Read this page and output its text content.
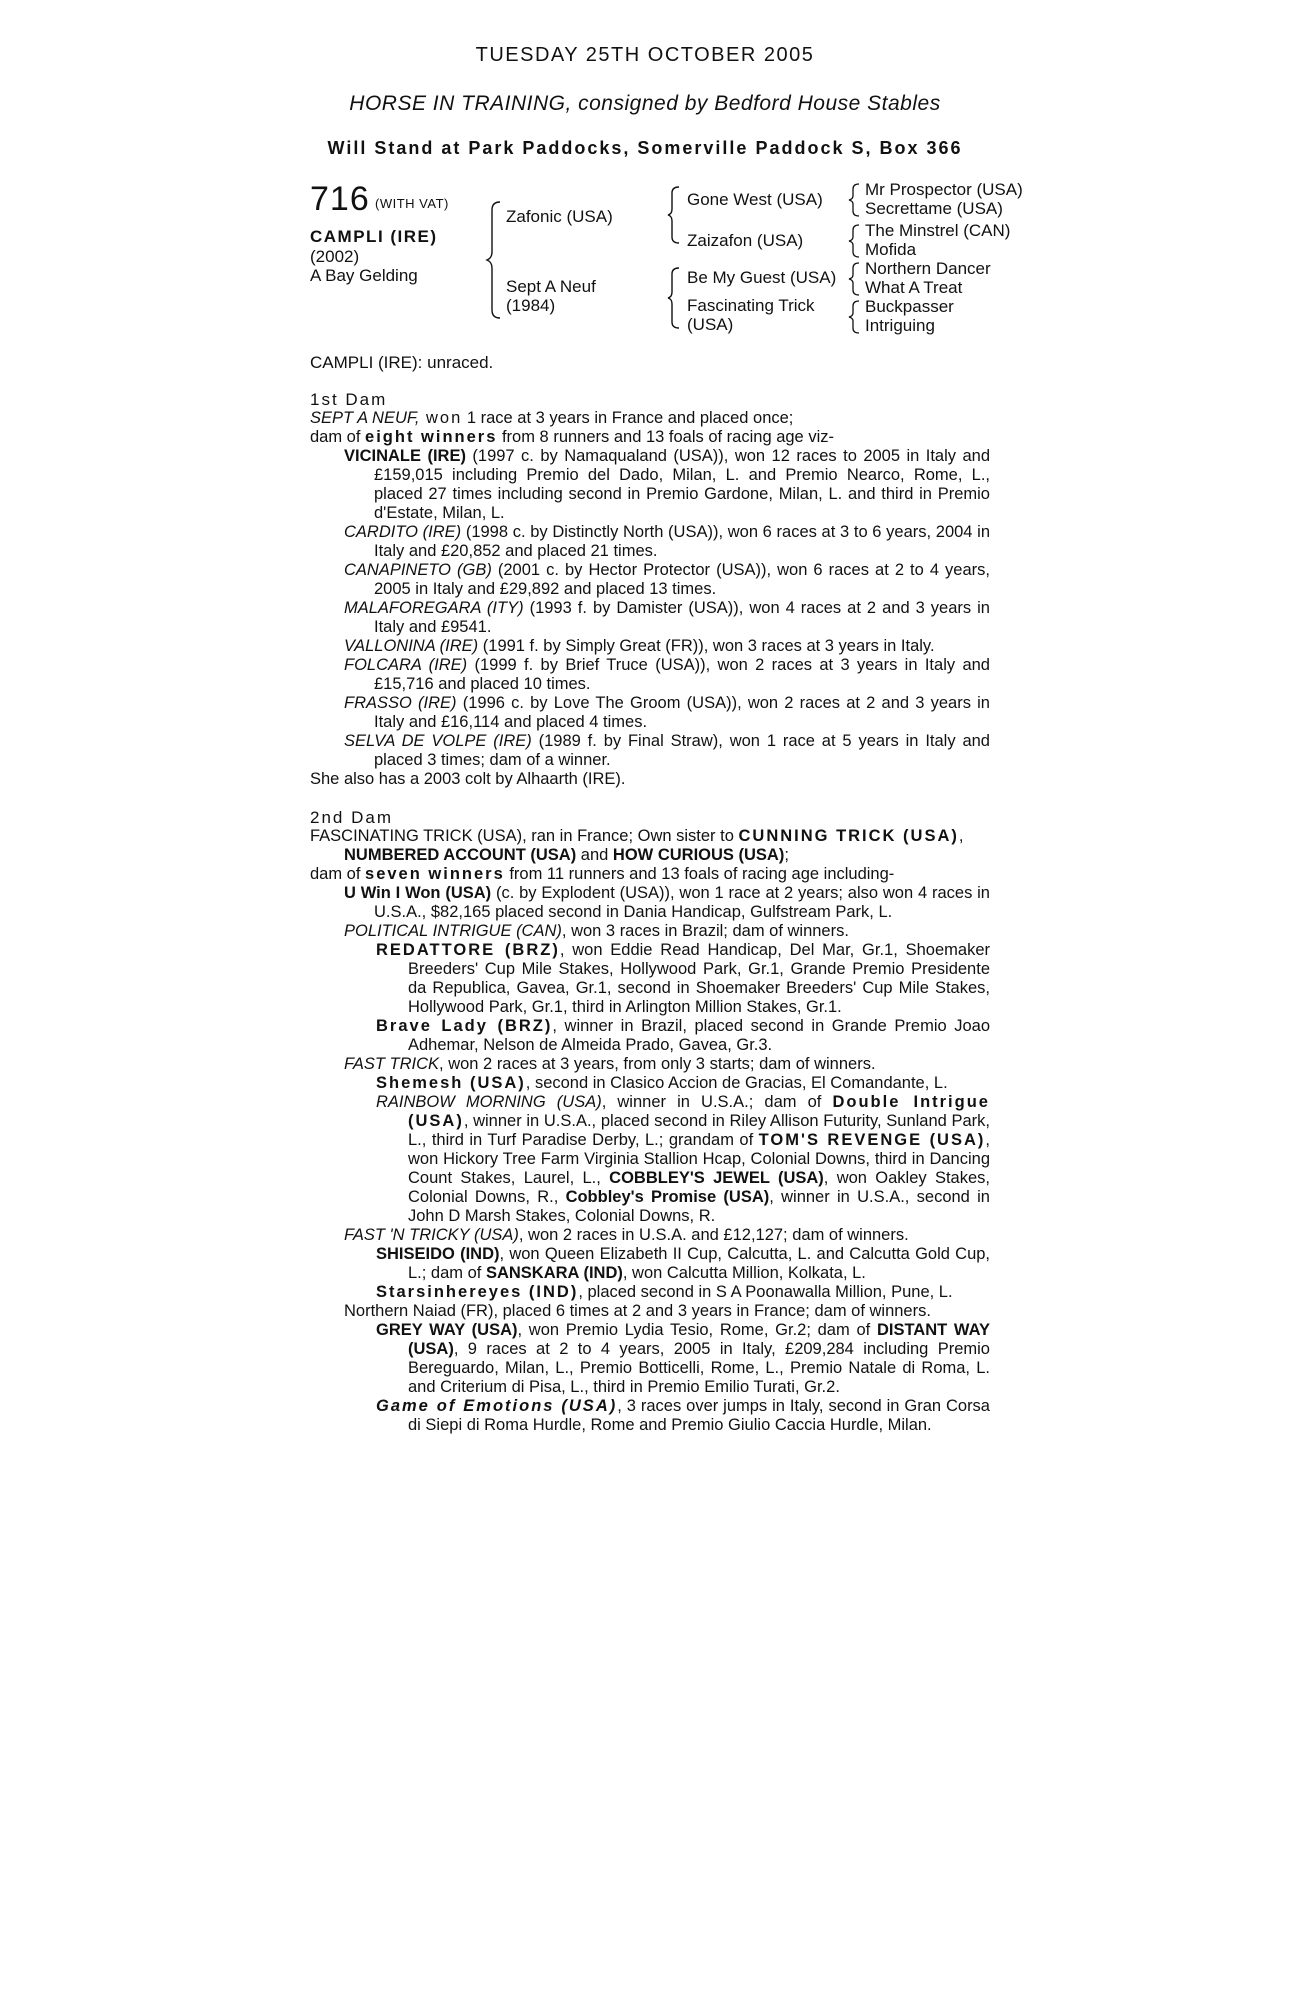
TUESDAY 25TH OCTOBER 2005
HORSE IN TRAINING, consigned by Bedford House Stables
Will Stand at Park Paddocks, Somerville Paddock S, Box 366
716 (WITH VAT)
CAMPLI (IRE)
(2002)
A Bay Gelding
Zafonic (USA)
Sept A Neuf
(1984)
Gone West (USA)
Zaizafon (USA)
Be My Guest (USA)
Fascinating Trick
(USA)
Mr Prospector (USA)
Secrettame (USA)
The Minstrel (CAN)
Mofida
Northern Dancer
What A Treat
Buckpasser
Intriguing
CAMPLI (IRE): unraced.

1st Dam

SEPT A NEUF, won 1 race at 3 years in France and placed once;

dam of eight winners from 8 runners and 13 foals of racing age viz-

VICINALE (IRE) (1997 c. by Namaqualand (USA)), won 12 races to 2005 in Italy and £159,015 including Premio del Dado, Milan, L. and Premio Nearco, Rome, L., placed 27 times including second in Premio Gardone, Milan, L. and third in Premio d'Estate, Milan, L.

CARDITO (IRE) (1998 c. by Distinctly North (USA)), won 6 races at 3 to 6 years, 2004 in Italy and £20,852 and placed 21 times.

CANAPINETO (GB) (2001 c. by Hector Protector (USA)), won 6 races at 2 to 4 years, 2005 in Italy and £29,892 and placed 13 times.

MALAFOREGARA (ITY) (1993 f. by Damister (USA)), won 4 races at 2 and 3 years in Italy and £9541.

VALLONINA (IRE) (1991 f. by Simply Great (FR)), won 3 races at 3 years in Italy.

FOLCARA (IRE) (1999 f. by Brief Truce (USA)), won 2 races at 3 years in Italy and £15,716 and placed 10 times.

FRASSO (IRE) (1996 c. by Love The Groom (USA)), won 2 races at 2 and 3 years in Italy and £16,114 and placed 4 times.

SELVA DE VOLPE (IRE) (1989 f. by Final Straw), won 1 race at 5 years in Italy and placed 3 times; dam of a winner.

She also has a 2003 colt by Alhaarth (IRE).

2nd Dam

FASCINATING TRICK (USA), ran in France; Own sister to CUNNING TRICK (USA),
NUMBERED ACCOUNT (USA) and HOW CURIOUS (USA);

dam of seven winners from 11 runners and 13 foals of racing age including-

U Win I Won (USA) (c. by Explodent (USA)), won 1 race at 2 years; also won 4 races in U.S.A., $82,165 placed second in Dania Handicap, Gulfstream Park, L.

POLITICAL INTRIGUE (CAN), won 3 races in Brazil; dam of winners.

REDATTORE (BRZ), won Eddie Read Handicap, Del Mar, Gr.1, Shoemaker Breeders' Cup Mile Stakes, Hollywood Park, Gr.1, Grande Premio Presidente da Republica, Gavea, Gr.1, second in Shoemaker Breeders' Cup Mile Stakes, Hollywood Park, Gr.1, third in Arlington Million Stakes, Gr.1.

Brave Lady (BRZ), winner in Brazil, placed second in Grande Premio Joao Adhemar, Nelson de Almeida Prado, Gavea, Gr.3.

FAST TRICK, won 2 races at 3 years, from only 3 starts; dam of winners.

Shemesh (USA), second in Clasico Accion de Gracias, El Comandante, L.

RAINBOW MORNING (USA), winner in U.S.A.; dam of Double Intrigue (USA), winner in U.S.A., placed second in Riley Allison Futurity, Sunland Park, L., third in Turf Paradise Derby, L.; grandam of TOM'S REVENGE (USA), won Hickory Tree Farm Virginia Stallion Hcap, Colonial Downs, third in Dancing Count Stakes, Laurel, L., COBBLEY'S JEWEL (USA), won Oakley Stakes, Colonial Downs, R., Cobbley's Promise (USA), winner in U.S.A., second in John D Marsh Stakes, Colonial Downs, R.

FAST 'N TRICKY (USA), won 2 races in U.S.A. and £12,127; dam of winners.

SHISEIDO (IND), won Queen Elizabeth II Cup, Calcutta, L. and Calcutta Gold Cup, L.; dam of SANSKARA (IND), won Calcutta Million, Kolkata, L.

Starsinhereyes (IND), placed second in S A Poonawalla Million, Pune, L.

Northern Naiad (FR), placed 6 times at 2 and 3 years in France; dam of winners.

GREY WAY (USA), won Premio Lydia Tesio, Rome, Gr.2; dam of DISTANT WAY (USA), 9 races at 2 to 4 years, 2005 in Italy, £209,284 including Premio Bereguardo, Milan, L., Premio Botticelli, Rome, L., Premio Natale di Roma, L. and Criterium di Pisa, L., third in Premio Emilio Turati, Gr.2.

Game of Emotions (USA), 3 races over jumps in Italy, second in Gran Corsa di Siepi di Roma Hurdle, Rome and Premio Giulio Caccia Hurdle, Milan.
